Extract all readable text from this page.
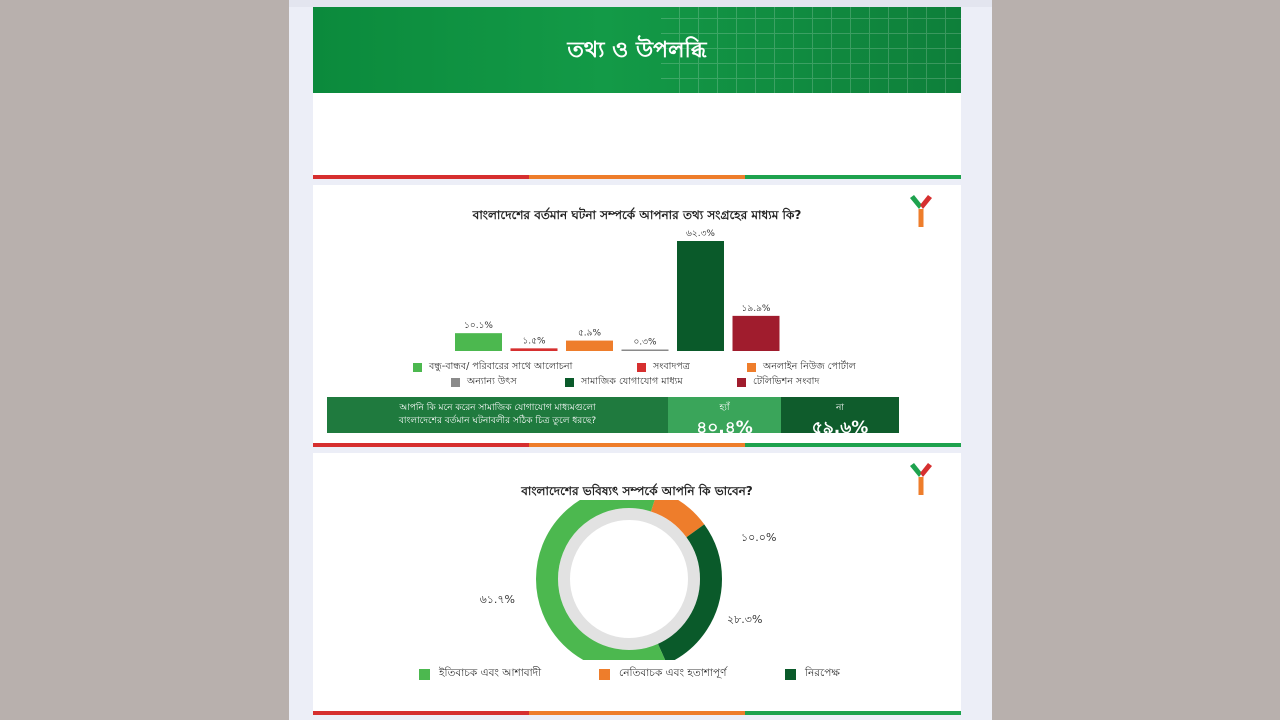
তথ্য ও উপলব্ধি
বাংলাদেশের বর্তমান ঘটনা সম্পর্কে আপনার তথ্য সংগ্রহের মাধ্যম কি?
১০.১%
১.৫%
৫.৯%
০.৩%
৬২.৩%
১৯.৯%
বন্ধু-বান্ধব/ পরিবারের সাথে আলোচনা	সংবাদপত্র	অনলাইন নিউজ পোর্টাল
অন্যান্য উৎস	সামাজিক যোগাযোগ মাধ্যম	টেলিভিশন সংবাদ
আপনি কি মনে করেন সামাজিক যোগাযোগ মাধ্যমগুলো
বাংলাদেশের বর্তমান ঘটনাবলীর সঠিক চিত্র তুলে ধরছে?
হ্যাঁ
৪০.৪%
না
৫৯.৬%
বাংলাদেশের ভবিষ্যৎ সম্পর্কে আপনি কি ভাবেন?
১০.০%
২৮.৩%
৬১.৭%
ইতিবাচক এবং আশাবাদী	নেতিবাচক এবং হতাশাপূর্ণ	নিরপেক্ষ
